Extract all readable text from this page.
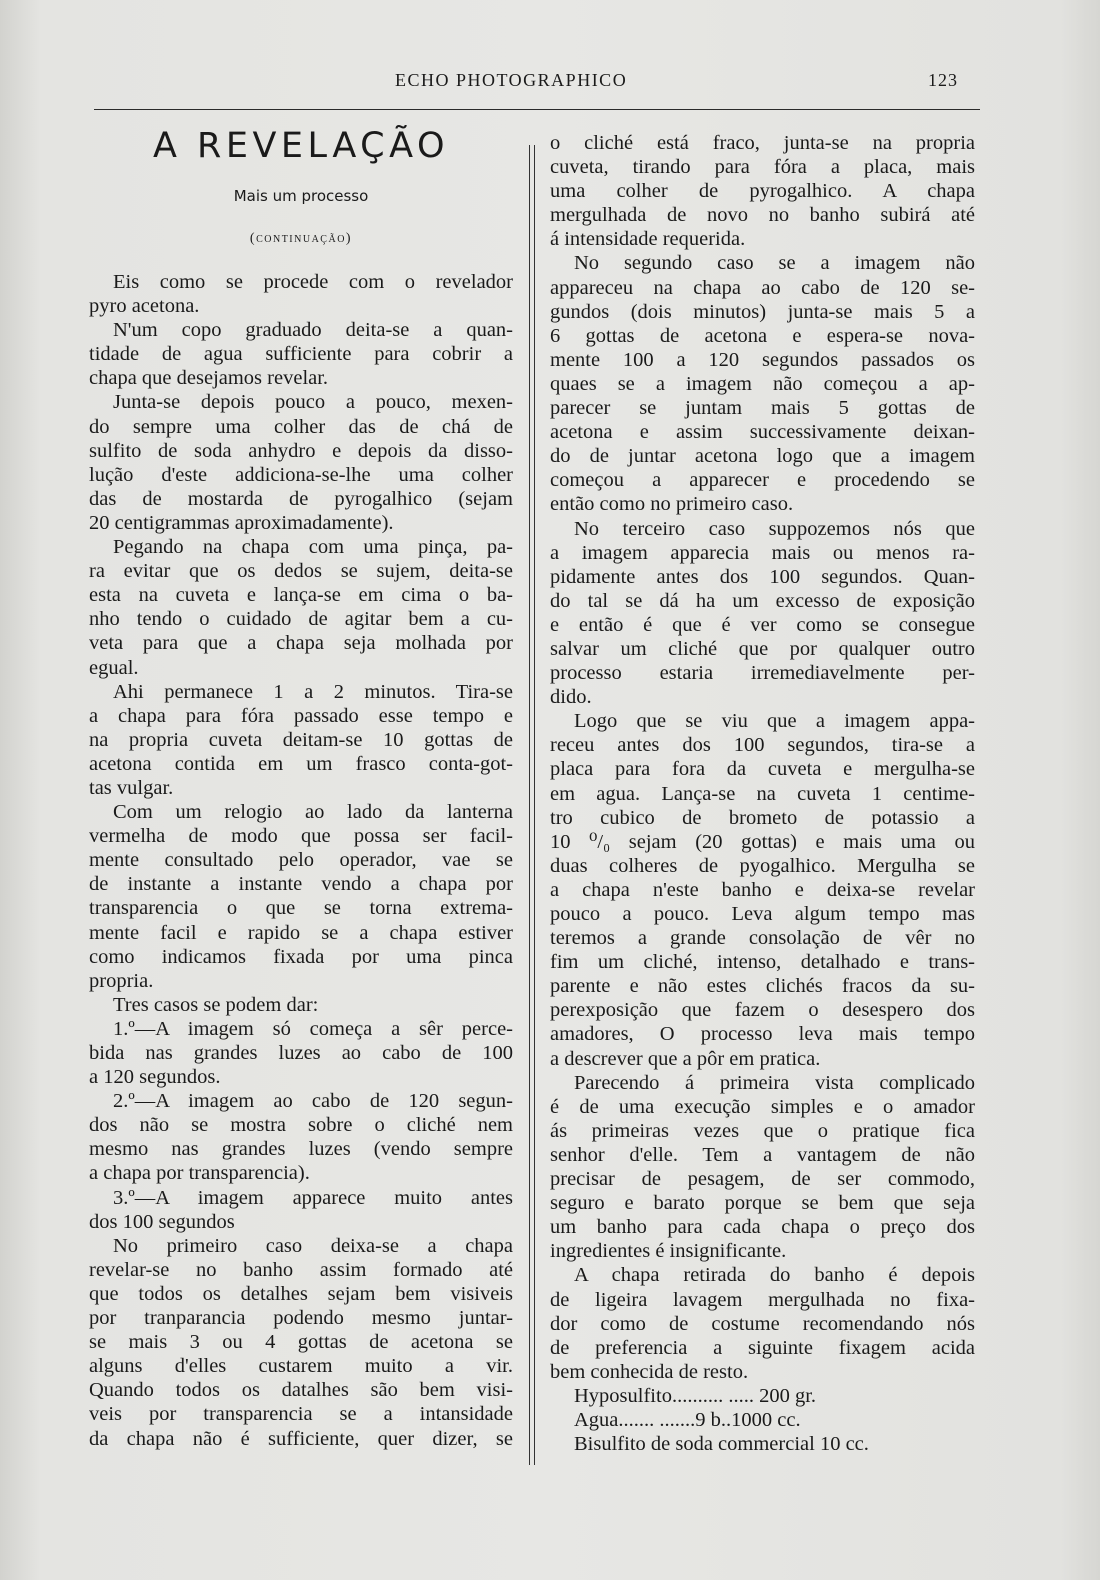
ECHO PHOTOGRAPHICO	123
A REVELAÇÃO
Mais um processo
(continuação)
Eis como se procede com o revelador
pyro acetona.
N'um copo graduado deita-se a quan-
tidade de agua sufficiente para cobrir a
chapa que desejamos revelar.
Junta-se depois pouco a pouco, mexen-
do sempre uma colher das de chá de
sulfito de soda anhydro e depois da disso-
lução d'este addiciona-se-lhe uma colher
das de mostarda de pyrogalhico (sejam
20 centigrammas aproximadamente).
Pegando na chapa com uma pinça, pa-
ra evitar que os dedos se sujem, deita-se
esta na cuveta e lança-se em cima o ba-
nho tendo o cuidado de agitar bem a cu-
veta para que a chapa seja molhada por
egual.
Ahi permanece 1 a 2 minutos. Tira-se
a chapa para fóra passado esse tempo e
na propria cuveta deitam-se 10 gottas de
acetona contida em um frasco conta-got-
tas vulgar.
Com um relogio ao lado da lanterna
vermelha de modo que possa ser facil-
mente consultado pelo operador, vae se
de instante a instante vendo a chapa por
transparencia o que se torna extrema-
mente facil e rapido se a chapa estiver
como indicamos fixada por uma pinca
propria.
Tres casos se podem dar:
1.º—A imagem só começa a sêr perce-
bida nas grandes luzes ao cabo de 100
a 120 segundos.
2.º—A imagem ao cabo de 120 segun-
dos não se mostra sobre o cliché nem
mesmo nas grandes luzes (vendo sempre
a chapa por transparencia).
3.º—A imagem apparece muito antes
dos 100 segundos
No primeiro caso deixa-se a chapa
revelar-se no banho assim formado até
que todos os detalhes sejam bem visiveis
por tranparancia podendo mesmo juntar-
se mais 3 ou 4 gottas de acetona se
alguns d'elles custarem muito a vir.
Quando todos os datalhes são bem visi-
veis por transparencia se a intansidade
da chapa não é sufficiente, quer dizer, se
o cliché está fraco, junta-se na propria
cuveta, tirando para fóra a placa, mais
uma colher de pyrogalhico. A chapa
mergulhada de novo no banho subirá até
á intensidade requerida.
No segundo caso se a imagem não
appareceu na chapa ao cabo de 120 se-
gundos (dois minutos) junta-se mais 5 a
6 gottas de acetona e espera-se nova-
mente 100 a 120 segundos passados os
quaes se a imagem não começou a ap-
parecer se juntam mais 5 gottas de
acetona e assim successivamente deixan-
do de juntar acetona logo que a imagem
começou a apparecer e procedendo se
então como no primeiro caso.
No terceiro caso suppozemos nós que
a imagem apparecia mais ou menos ra-
pidamente antes dos 100 segundos. Quan-
do tal se dá ha um excesso de exposição
e então é que é ver como se consegue
salvar um cliché que por qualquer outro
processo estaria irremediavelmente per-
dido.
Logo que se viu que a imagem appa-
receu antes dos 100 segundos, tira-se a
placa para fora da cuveta e mergulha-se
em agua. Lança-se na cuveta 1 centime-
tro cubico de brometo de potassio a
10 ⁰/₀ sejam (20 gottas) e mais uma ou
duas colheres de pyogalhico. Mergulha se
a chapa n'este banho e deixa-se revelar
pouco a pouco. Leva algum tempo mas
teremos a grande consolação de vêr no
fim um cliché, intenso, detalhado e trans-
parente e não estes clichés fracos da su-
perexposição que fazem o desespero dos
amadores, O processo leva mais tempo
a descrever que a pôr em pratica.
Parecendo á primeira vista complicado
é de uma execução simples e o amador
ás primeiras vezes que o pratique fica
senhor d'elle. Tem a vantagem de não
precisar de pesagem, de ser commodo,
seguro e barato porque se bem que seja
um banho para cada chapa o preço dos
ingredientes é insignificante.
A chapa retirada do banho é depois
de ligeira lavagem mergulhada no fixa-
dor como de costume recomendando nós
de preferencia a siguinte fixagem acida
bem conhecida de resto.
Hyposulfito.......... ..... 200 gr.
Agua....... .......9 b..1000 cc.
Bisulfito de soda commercial 10 cc.
